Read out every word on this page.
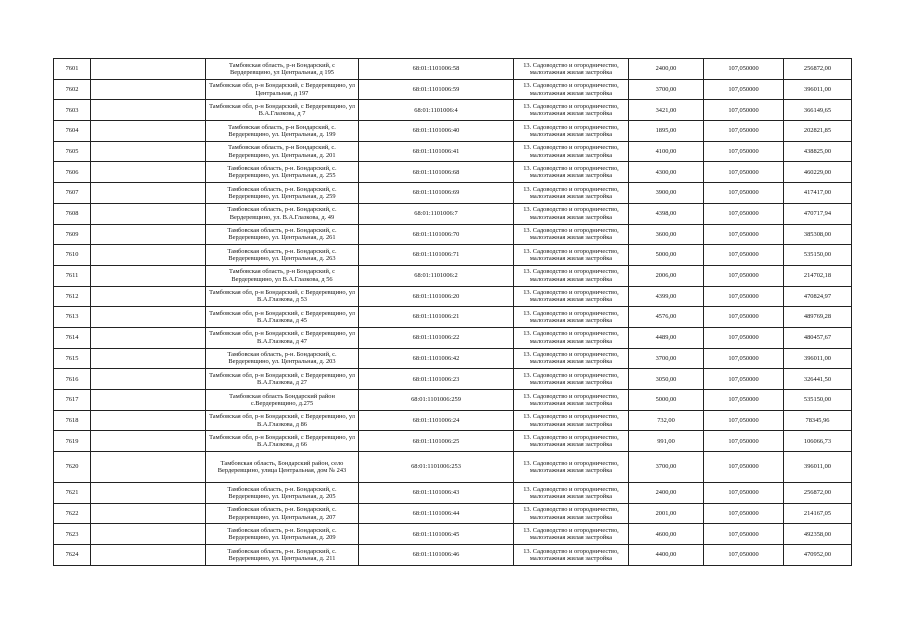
7601		Тамбовская область, р-н Бондарский, с Вердеревщино, ул Центральная, д 195	68:01:1101006:58	13. Садоводство и огородничество, малоэтажная жилая застройка	2400,00	107,050000	256872,00
7602		Тамбовская обл, р-н Бондарский, с Вердеревщино, ул Центральная, д 197	68:01:1101006:59	13. Садоводство и огородничество, малоэтажная жилая застройка	3700,00	107,050000	396011,00
7603		Тамбовская обл, р-н Бондарский, с Вердеревщино, ул В.А.Глазкова, д 7	68:01:1101006:4	13. Садоводство и огородничество, малоэтажная жилая застройка	3421,00	107,050000	366149,65
7604		Тамбовская область, р-н Бондарский, с. Вердеревщино, ул. Центральная, д. 199	68:01:1101006:40	13. Садоводство и огородничество, малоэтажная жилая застройка	1895,00	107,050000	202821,85
7605		Тамбовская область, р-н Бондарский, с. Вердеревщино, ул. Центральная, д. 201	68:01:1101006:41	13. Садоводство и огородничество, малоэтажная жилая застройка	4100,00	107,050000	438825,00
7606		Тамбовская область, р-н. Бондарский, с. Вердеревщино, ул. Центральная, д. 255	68:01:1101006:68	13. Садоводство и огородничество, малоэтажная жилая застройка	4300,00	107,050000	460229,00
7607		Тамбовская область, р-н. Бондарский, с. Вердеревщино, ул. Центральная, д. 259	68:01:1101006:69	13. Садоводство и огородничество, малоэтажная жилая застройка	3900,00	107,050000	417417,00
7608		Тамбовская область, р-н. Бондарский, с. Вердеревщино, ул. В.А.Глазкова, д. 49	68:01:1101006:7	13. Садоводство и огородничество, малоэтажная жилая застройка	4398,00	107,050000	470717,94
7609		Тамбовская область, р-н. Бондарский, с. Вердеревщино, ул. Центральная, д. 261	68:01:1101006:70	13. Садоводство и огородничество, малоэтажная жилая застройка	3600,00	107,050000	385308,00
7610		Тамбовская область, р-н. Бондарский, с. Вердеревщино, ул. Центральная, д. 263	68:01:1101006:71	13. Садоводство и огородничество, малоэтажная жилая застройка	5000,00	107,050000	535150,00
7611		Тамбовская область, р-н Бондарский, с Вердеревщино, ул В.А.Глазкова, д 56	68:01:1101006:2	13. Садоводство и огородничество, малоэтажная жилая застройка	2006,00	107,050000	214702,18
7612		Тамбовская обл, р-н Бондарский, с Вердеревщино, ул В.А.Глазкова, д 53	68:01:1101006:20	13. Садоводство и огородничество, малоэтажная жилая застройка	4399,00	107,050000	470824,97
7613		Тамбовская обл, р-н Бондарский, с Вердеревщино, ул В.А.Глазкова, д 45	68:01:1101006:21	13. Садоводство и огородничество, малоэтажная жилая застройка	4576,00	107,050000	489769,28
7614		Тамбовская обл, р-н Бондарский, с Вердеревщино, ул В.А.Глазкова, д 47	68:01:1101006:22	13. Садоводство и огородничество, малоэтажная жилая застройка	4489,00	107,050000	480457,67
7615		Тамбовская область, р-н. Бондарский, с. Вердеревщино, ул. Центральная, д. 203	68:01:1101006:42	13. Садоводство и огородничество, малоэтажная жилая застройка	3700,00	107,050000	396011,00
7616		Тамбовская обл, р-н Бондарский, с Вердеревщино, ул В.А.Глазкова, д 27	68:01:1101006:23	13. Садоводство и огородничество, малоэтажная жилая застройка	3050,00	107,050000	326441,50
7617		Тамбовская область Бондарский район с.Вердеревщино, д.275	68:01:1101006:259	13. Садоводство и огородничество, малоэтажная жилая застройка	5000,00	107,050000	535150,00
7618		Тамбовская обл, р-н Бондарский, с Вердеревщино, ул В.А.Глазкова, д 86	68:01:1101006:24	13. Садоводство и огородничество, малоэтажная жилая застройка	732,00	107,050000	78345,96
7619		Тамбовская обл, р-н Бондарский, с Вердеревщино, ул В.А.Глазкова, д 66	68:01:1101006:25	13. Садоводство и огородничество, малоэтажная жилая застройка	991,00	107,050000	106066,73
7620		Тамбовская область, Бондарский район, село Вердеревщино, улица Центральная, дом № 243	68:01:1101006:253	13. Садоводство и огородничество, малоэтажная жилая застройка	3700,00	107,050000	396011,00
7621		Тамбовская область, р-н. Бондарский, с. Вердеревщино, ул. Центральная, д. 205	68:01:1101006:43	13. Садоводство и огородничество, малоэтажная жилая застройка	2400,00	107,050000	256872,00
7622		Тамбовская область, р-н. Бондарский, с. Вердеревщино, ул. Центральная, д. 207	68:01:1101006:44	13. Садоводство и огородничество, малоэтажная жилая застройка	2001,00	107,050000	214167,05
7623		Тамбовская область, р-н. Бондарский, с. Вердеревщино, ул. Центральная, д. 209	68:01:1101006:45	13. Садоводство и огородничество, малоэтажная жилая застройка	4600,00	107,050000	492358,00
7624		Тамбовская область, р-н. Бондарский, с. Вердеревщино, ул. Центральная, д. 211	68:01:1101006:46	13. Садоводство и огородничество, малоэтажная жилая застройка	4400,00	107,050000	470952,00
